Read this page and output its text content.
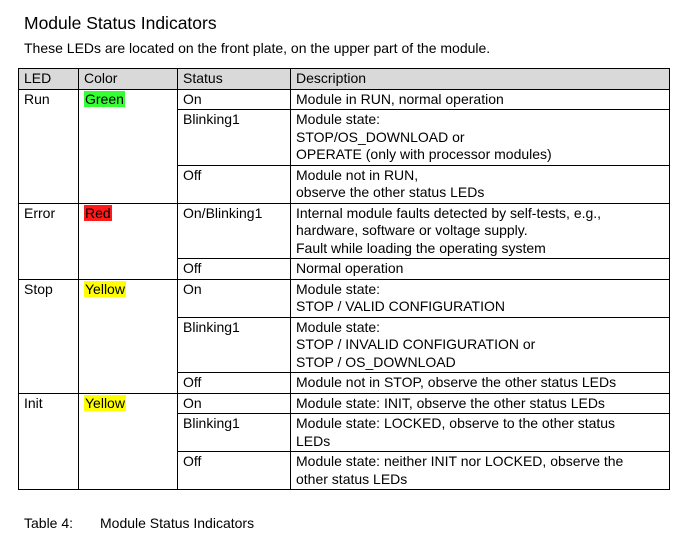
Module Status Indicators

These LEDs are located on the front plate, on the upper part of the module.

LED	Color	Status	Description
Run	Green	On	Module in RUN, normal operation

		Blinking1	Module state:
STOP/OS_DOWNLOAD or
OPERATE (only with processor modules)

		Off	Module not in RUN,
observe the other status LEDs

Error	Red	On/Blinking1	Internal module faults detected by self-tests, e.g.,
hardware, software or voltage supply.
Fault while loading the operating system

		Off	Normal operation

Stop	Yellow	On	Module state:
STOP / VALID CONFIGURATION

		Blinking1	Module state:
STOP / INVALID CONFIGURATION or
STOP / OS_DOWNLOAD

		Off	Module not in STOP, observe the other status LEDs

Init	Yellow	On	Module state: INIT, observe the other status LEDs

		Blinking1	Module state: LOCKED, observe to the other status
LEDs

		Off	Module state: neither INIT nor LOCKED, observe the
other status LEDs

Table 4: Module Status Indicators
